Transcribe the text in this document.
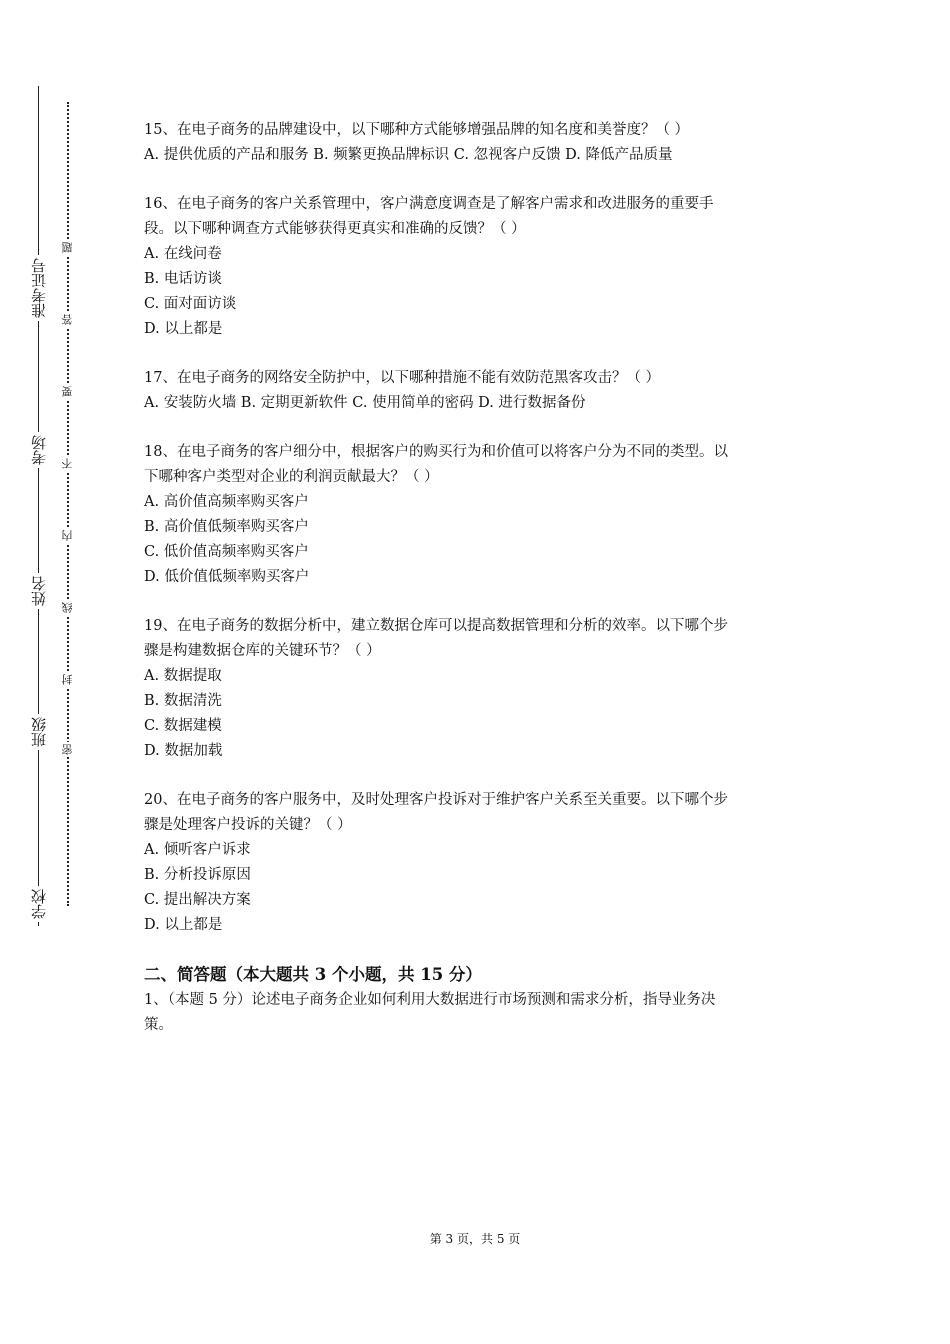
准考证号
考场
姓名
班级
学校
题
答
要
不
内
线
封
密
15、在电子商务的品牌建设中，以下哪种方式能够增强品牌的知名度和美誉度？（ ）
A. 提供优质的产品和服务 B. 频繁更换品牌标识 C. 忽视客户反馈 D. 降低产品质量
16、在电子商务的客户关系管理中，客户满意度调查是了解客户需求和改进服务的重要手
段。以下哪种调查方式能够获得更真实和准确的反馈？（ ）
A. 在线问卷
B. 电话访谈
C. 面对面访谈
D. 以上都是
17、在电子商务的网络安全防护中，以下哪种措施不能有效防范黑客攻击？（ ）
A. 安装防火墙 B. 定期更新软件 C. 使用简单的密码 D. 进行数据备份
18、在电子商务的客户细分中，根据客户的购买行为和价值可以将客户分为不同的类型。以
下哪种客户类型对企业的利润贡献最大？（ ）
A. 高价值高频率购买客户
B. 高价值低频率购买客户
C. 低价值高频率购买客户
D. 低价值低频率购买客户
19、在电子商务的数据分析中，建立数据仓库可以提高数据管理和分析的效率。以下哪个步
骤是构建数据仓库的关键环节？（ ）
A. 数据提取
B. 数据清洗
C. 数据建模
D. 数据加载
20、在电子商务的客户服务中，及时处理客户投诉对于维护客户关系至关重要。以下哪个步
骤是处理客户投诉的关键？（ ）
A. 倾听客户诉求
B. 分析投诉原因
C. 提出解决方案
D. 以上都是
二、简答题（本大题共 3 个小题，共 15 分）
1、（本题 5 分）论述电子商务企业如何利用大数据进行市场预测和需求分析，指导业务决
策。
第 3 页，共 5 页
